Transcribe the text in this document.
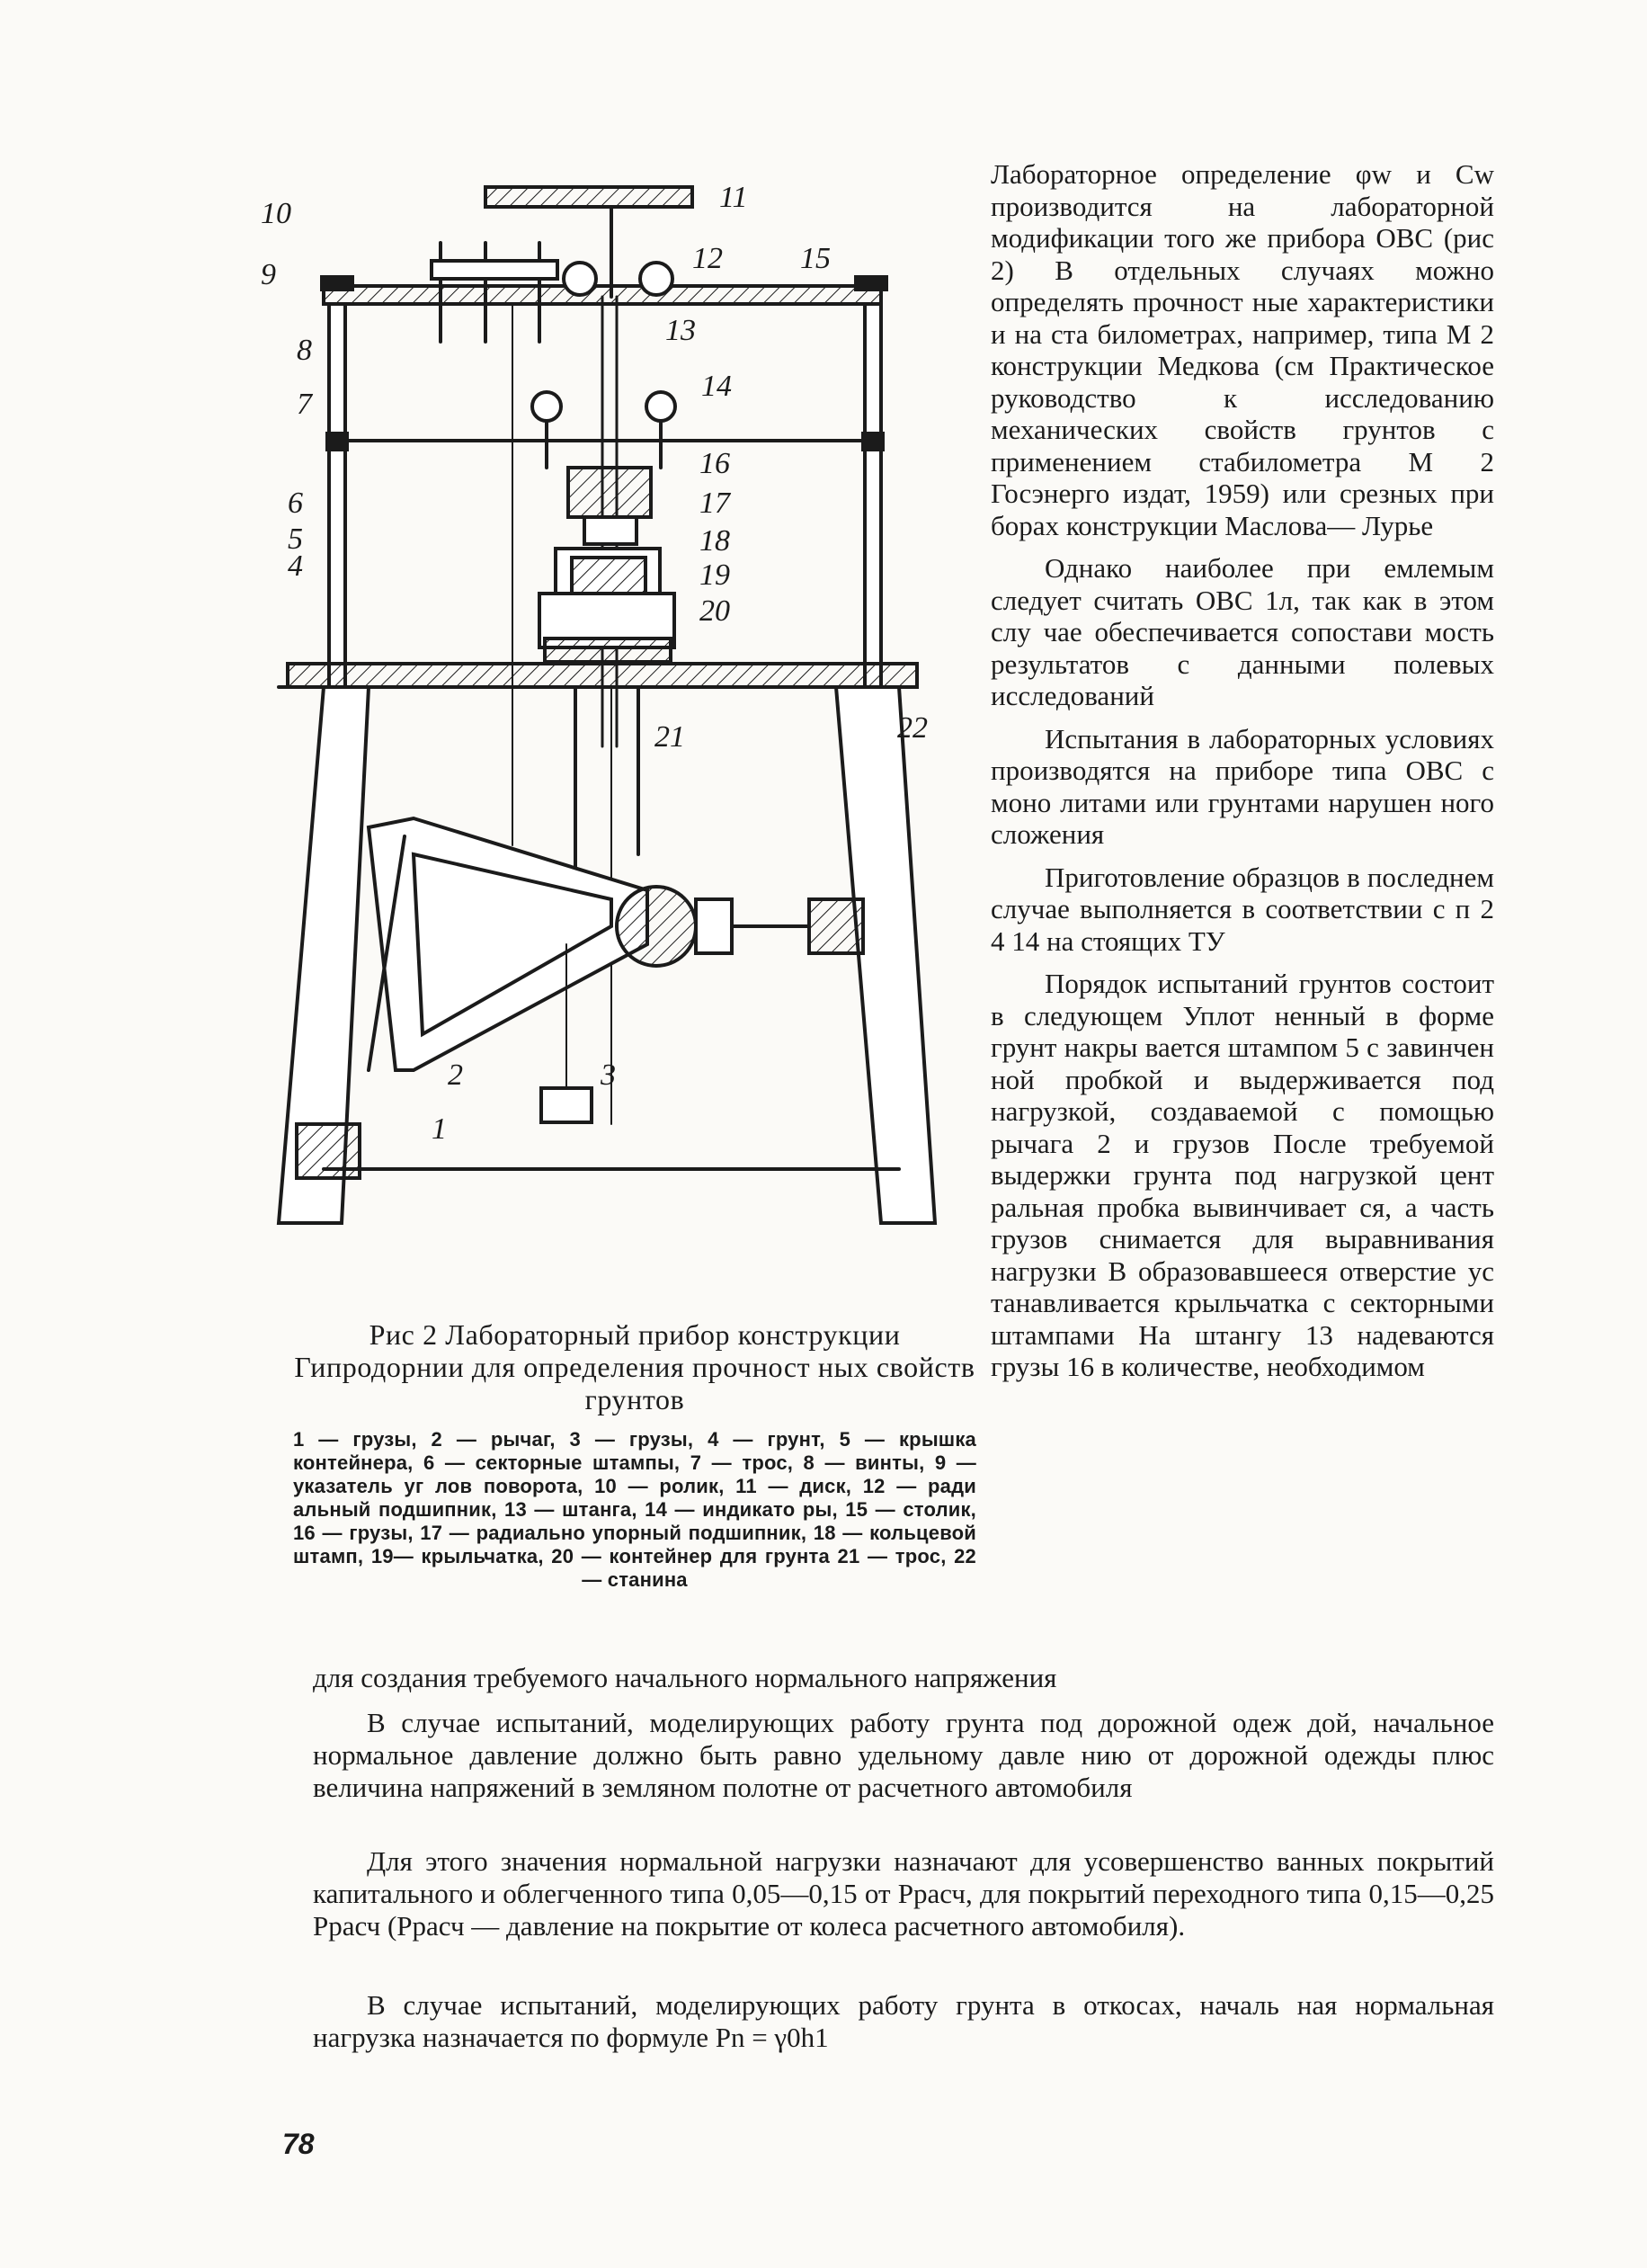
10	11
12	15
9
13
8
7
14
16
6	17
5	18
4	19
20
21	22
3
2
1
Рис 2 Лабораторный прибор конструкции Гипродорнии для определения прочност ных свойств грунтов
1 — грузы, 2 — рычаг, 3 — грузы, 4 — грунт, 5 — крышка контейнера, 6 — секторные штампы, 7 — трос, 8 — винты, 9 — указатель уг лов поворота, 10 — ролик, 11 — диск, 12 — ради альный подшипник, 13 — штанга, 14 — индикато ры, 15 — столик, 16 — грузы, 17 — радиально упорный подшипник, 18 — кольцевой штамп, 19— крыльчатка, 20 — контейнер для грунта 21 — трос, 22 — станина

Лабораторное определение φw и Cw производится на лабораторной модификации того же прибора ОВС (рис 2) В отдельных случаях можно определять прочност ные характеристики и на ста билометрах, например, типа М 2 конструкции Медкова (см Практическое руководство к исследованию механических свойств грунтов с применением стабилометра М 2 Госэнерго издат, 1959) или срезных при борах конструкции Маслова— Лурье

Однако наиболее при емлемым следует считать ОВС 1л, так как в этом слу чае обеспечивается сопостави мость результатов с данными полевых исследований

Испытания в лабораторных условиях производятся на приборе типа ОВС с моно литами или грунтами нарушен ного сложения

Приготовление образцов в последнем случае выполняется в соответствии с п 2 4 14 на стоящих ТУ

Порядок испытаний грунтов состоит в следующем Уплот ненный в форме грунт накры вается штампом 5 с завинчен ной пробкой и выдерживается под нагрузкой, создаваемой с помощью рычага 2 и грузов После требуемой выдержки грунта под нагрузкой цент ральная пробка вывинчивает ся, а часть грузов снимается для выравнивания нагрузки В образовавшееся отверстие ус танавливается крыльчатка с секторными штампами На штангу 13 надеваются грузы 16 в количестве, необходимом

для создания требуемого начального нормального напряжения

В случае испытаний, моделирующих работу грунта под дорожной одеж дой, начальное нормальное давление должно быть равно удельному давле нию от дорожной одежды плюс величина напряжений в земляном полотне от расчетного автомобиля

Для этого значения нормальной нагрузки назначают для усовершенство ванных покрытий капитального и облегченного типа 0,05—0,15 от Pрасч, для покрытий переходного типа 0,15—0,25 Pрасч (Pрасч — давление на покрытие от колеса расчетного автомобиля).

В случае испытаний, моделирующих работу грунта в откосах, началь ная нормальная нагрузка назначается по формуле Pn = γ0h1

78
